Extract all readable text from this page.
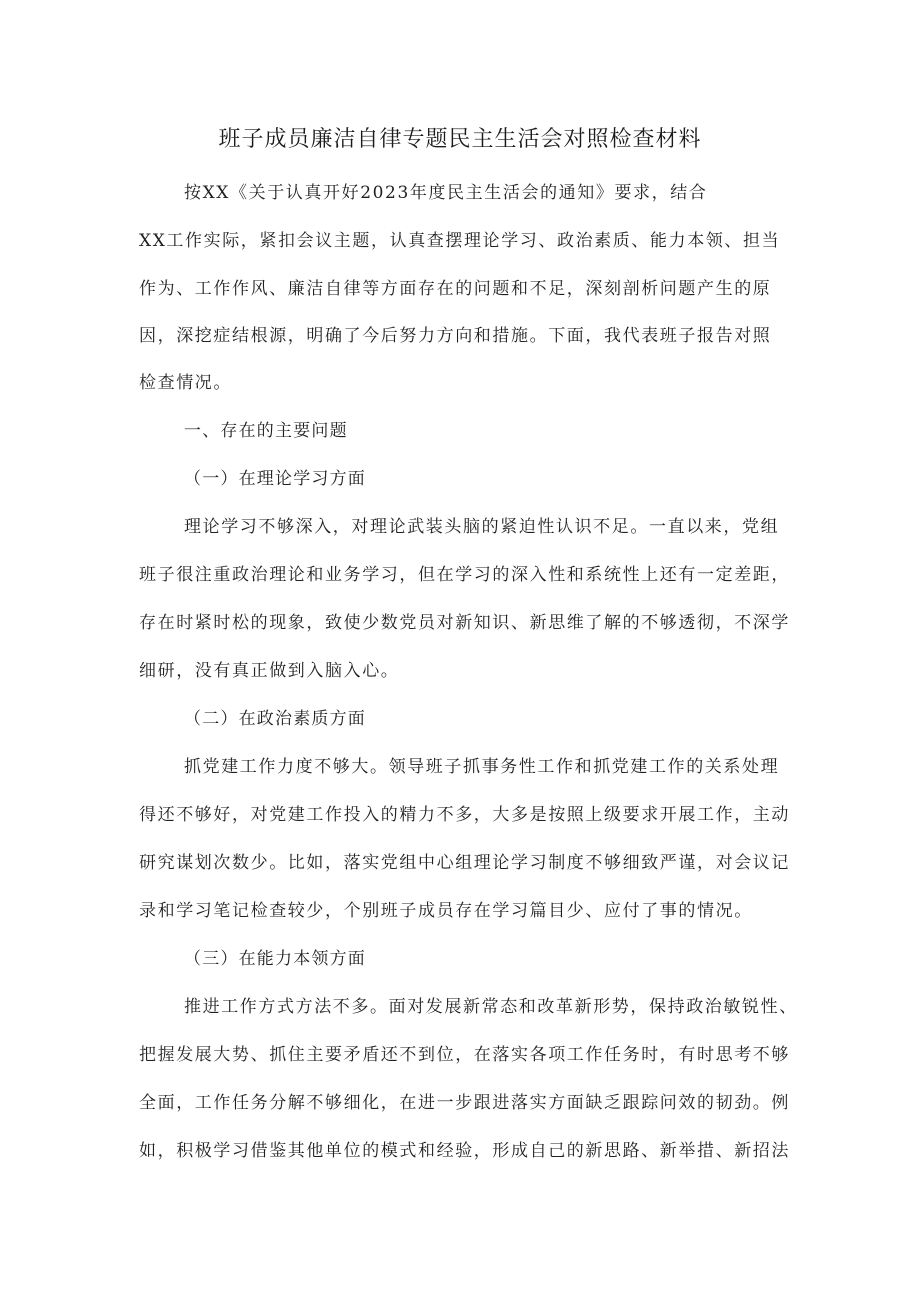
班子成员廉洁自律专题民主生活会对照检查材料
按XX《关于认真开好2023年度民主生活会的通知》要求，结合
XX工作实际，紧扣会议主题，认真查摆理论学习、政治素质、能力本领、担当
作为、工作作风、廉洁自律等方面存在的问题和不足，深刻剖析问题产生的原
因，深挖症结根源，明确了今后努力方向和措施。下面，我代表班子报告对照
检查情况。
一、存在的主要问题
（一）在理论学习方面
理论学习不够深入，对理论武装头脑的紧迫性认识不足。一直以来，党组
班子很注重政治理论和业务学习，但在学习的深入性和系统性上还有一定差距，
存在时紧时松的现象，致使少数党员对新知识、新思维了解的不够透彻，不深学
细研，没有真正做到入脑入心。
（二）在政治素质方面
抓党建工作力度不够大。领导班子抓事务性工作和抓党建工作的关系处理
得还不够好，对党建工作投入的精力不多，大多是按照上级要求开展工作，主动
研究谋划次数少。比如，落实党组中心组理论学习制度不够细致严谨，对会议记
录和学习笔记检查较少，个别班子成员存在学习篇目少、应付了事的情况。
（三）在能力本领方面
推进工作方式方法不多。面对发展新常态和改革新形势，保持政治敏锐性、
把握发展大势、抓住主要矛盾还不到位，在落实各项工作任务时，有时思考不够
全面，工作任务分解不够细化，在进一步跟进落实方面缺乏跟踪问效的韧劲。例
如，积极学习借鉴其他单位的模式和经验，形成自己的新思路、新举措、新招法
